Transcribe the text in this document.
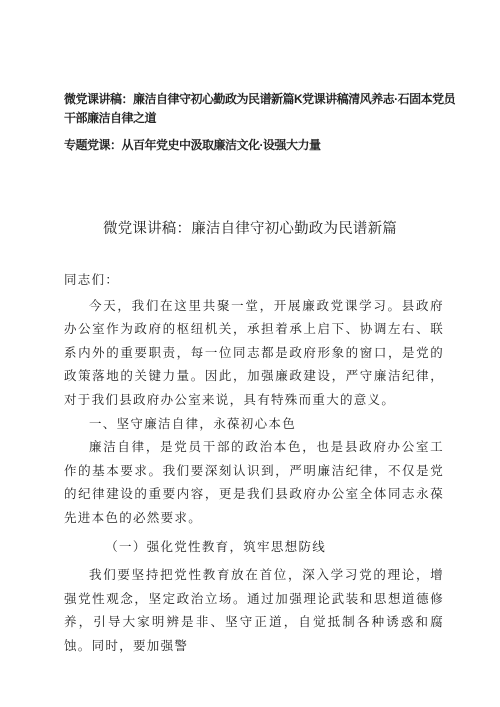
微党课讲稿：廉洁自律守初心勤政为民谱新篇K党课讲稿清风养志·石固本党员干部廉洁自律之道
专题党课：从百年党史中汲取廉洁文化·设强大力量
微党课讲稿：廉洁自律守初心勤政为民谱新篇

同志们：

今天，我们在这里共聚一堂，开展廉政党课学习。县政府办公室作为政府的枢纽机关，承担着承上启下、协调左右、联系内外的重要职责，每一位同志都是政府形象的窗口，是党的政策落地的关键力量。因此，加强廉政建设，严守廉洁纪律，对于我们县政府办公室来说，具有特殊而重大的意义。

一、坚守廉洁自律，永葆初心本色

廉洁自律，是党员干部的政治本色，也是县政府办公室工作的基本要求。我们要深刻认识到，严明廉洁纪律，不仅是党的纪律建设的重要内容，更是我们县政府办公室全体同志永葆先进本色的必然要求。

（一）强化党性教育，筑牢思想防线

我们要坚持把党性教育放在首位，深入学习党的理论，增强党性观念，坚定政治立场。通过加强理论武装和思想道德修养，引导大家明辨是非、坚守正道，自觉抵制各种诱惑和腐蚀。同时，要加强警
